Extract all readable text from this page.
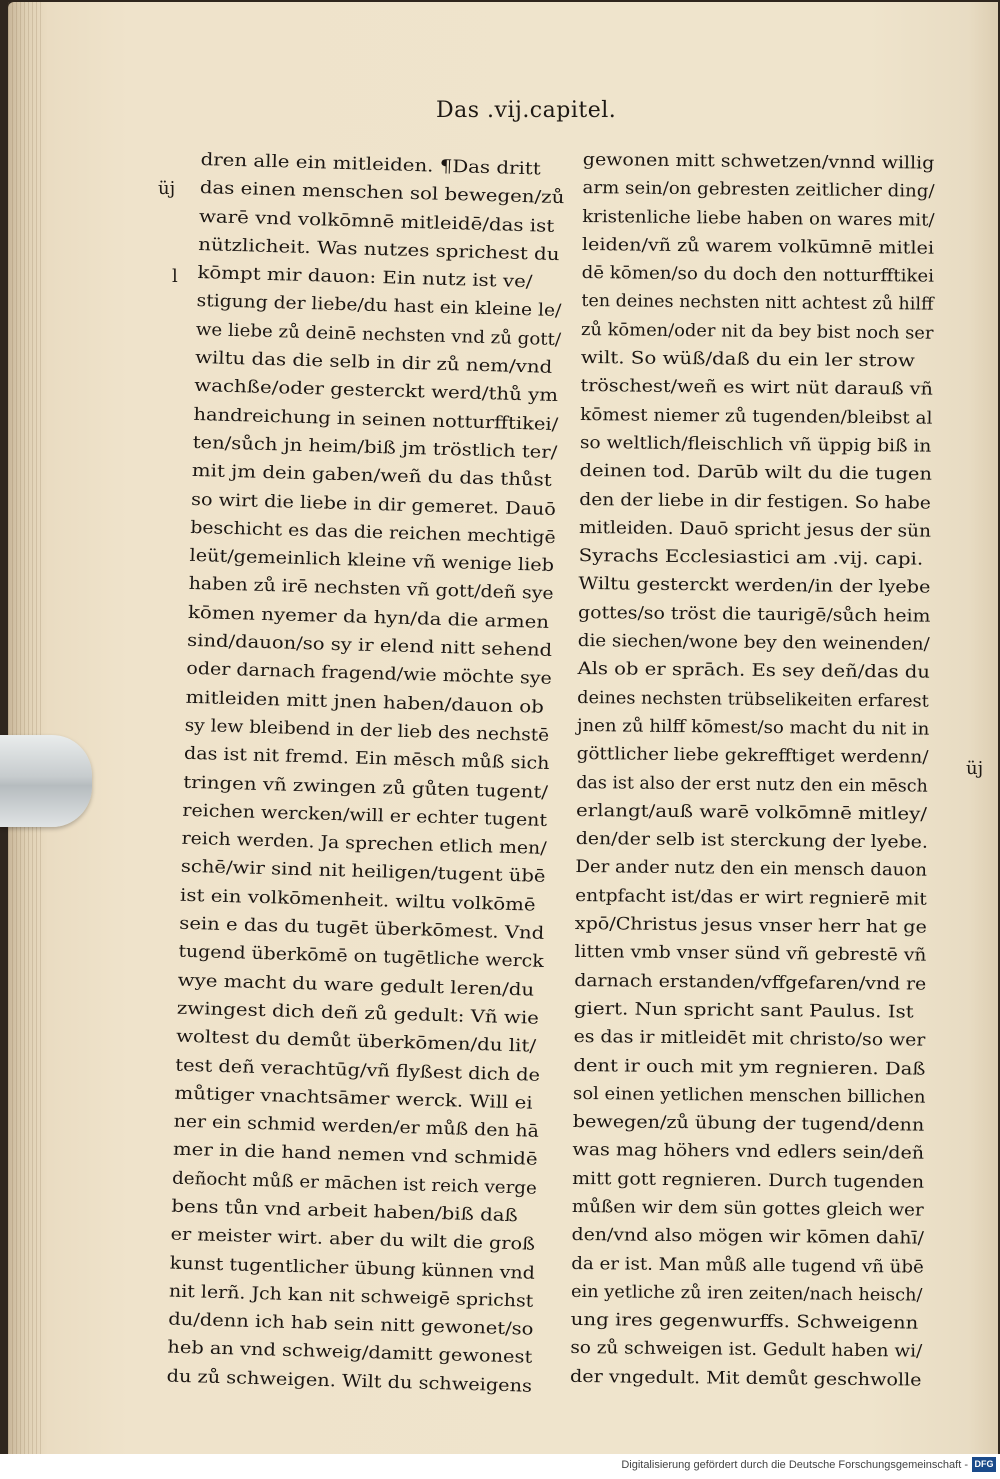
Das .vij.capitel.
üj
l
üj
dren alle ein mitleiden. ¶Das dritt
das einen menschen sol bewegen/zů
warē vnd volkōmnē mitleidē/das ist
nützlicheit. Was nutzes sprichest du
kōmpt mir dauon: Ein nutz ist ve/
stigung der liebe/du hast ein kleine le/
we liebe zů deinē nechsten vnd zů gott/
wiltu das die selb in dir zů nem/vnd
wachße/oder gesterckt werd/thů ym
handreichung in seinen notturfftikei/
ten/sůch jn heim/biß jm tröstlich ter/
mit jm dein gaben/weñ du das thůst
so wirt die liebe in dir gemeret. Dauō
beschicht es das die reichen mechtigē
leüt/gemeinlich kleine vñ wenige lieb
haben zů irē nechsten vñ gott/deñ sye
kōmen nyemer da hyn/da die armen
sind/dauon/so sy ir elend nitt sehend
oder darnach fragend/wie möchte sye
mitleiden mitt jnen haben/dauon ob
sy lew bleibend in der lieb des nechstē
das ist nit fremd. Ein mēsch můß sich
tringen vñ zwingen zů gůten tugent/
reichen wercken/will er echter tugent
reich werden. Ja sprechen etlich men/
schē/wir sind nit heiligen/tugent übē
ist ein volkōmenheit. wiltu volkōmē
sein e das du tugēt überkōmest. Vnd
tugend überkōmē on tugētliche werck
wye macht du ware gedult leren/du
zwingest dich deñ zů gedult: Vñ wie
woltest du demůt überkōmen/du lit/
test deñ verachtūg/vñ flyßest dich de
můtiger vnachtsāmer werck. Will ei
ner ein schmid werden/er můß den hā
mer in die hand nemen vnd schmidē
deñocht můß er māchen ist reich verge
bens tůn vnd arbeit haben/biß daß
er meister wirt. aber du wilt die groß
kunst tugentlicher übung künnen vnd
nit lerñ. Jch kan nit schweigē sprichst
du/denn ich hab sein nitt gewonet/so
heb an vnd schweig/damitt gewonest
du zů schweigen. Wilt du schweigens
gewonen mitt schwetzen/vnnd willig
arm sein/on gebresten zeitlicher ding/
kristenliche liebe haben on wares mit/
leiden/vñ zů warem volkūmnē mitlei
dē kōmen/so du doch den notturfftikei
ten deines nechsten nitt achtest zů hilff
zů kōmen/oder nit da bey bist noch ser
wilt. So wüß/daß du ein ler strow
tröschest/weñ es wirt nüt darauß vñ
kōmest niemer zů tugenden/bleibst al
so weltlich/fleischlich vñ üppig biß in
deinen tod. Darūb wilt du die tugen
den der liebe in dir festigen. So habe
mitleiden. Dauō spricht jesus der sün
Syrachs Ecclesiastici am .vij. capi.
Wiltu gesterckt werden/in der lyebe
gottes/so tröst die taurigē/sůch heim
die siechen/wone bey den weinenden/
Als ob er sprāch. Es sey deñ/das du
deines nechsten trübselikeiten erfarest
jnen zů hilff kōmest/so macht du nit in
göttlicher liebe gekrefftiget werdenn/
das ist also der erst nutz den ein mēsch
erlangt/auß warē volkōmnē mitley/
den/der selb ist sterckung der lyebe.
Der ander nutz den ein mensch dauon
entpfacht ist/das er wirt regnierē mit
xpō/Christus jesus vnser herr hat ge
litten vmb vnser sünd vñ gebrestē vñ
darnach erstanden/vffgefaren/vnd re
giert. Nun spricht sant Paulus. Ist
es das ir mitleidēt mit christo/so wer
dent ir ouch mit ym regnieren. Daß
sol einen yetlichen menschen billichen
bewegen/zů übung der tugend/denn
was mag höhers vnd edlers sein/deñ
mitt gott regnieren. Durch tugenden
můßen wir dem sün gottes gleich wer
den/vnd also mögen wir kōmen dahī/
da er ist. Man můß alle tugend vñ übē
ein yetliche zů iren zeiten/nach heisch/
ung ires gegenwurffs. Schweigenn
so zů schweigen ist. Gedult haben wi/
der vngedult. Mit demůt geschwolle
Digitalisierung gefördert durch die Deutsche Forschungsgemeinschaft - DFG
